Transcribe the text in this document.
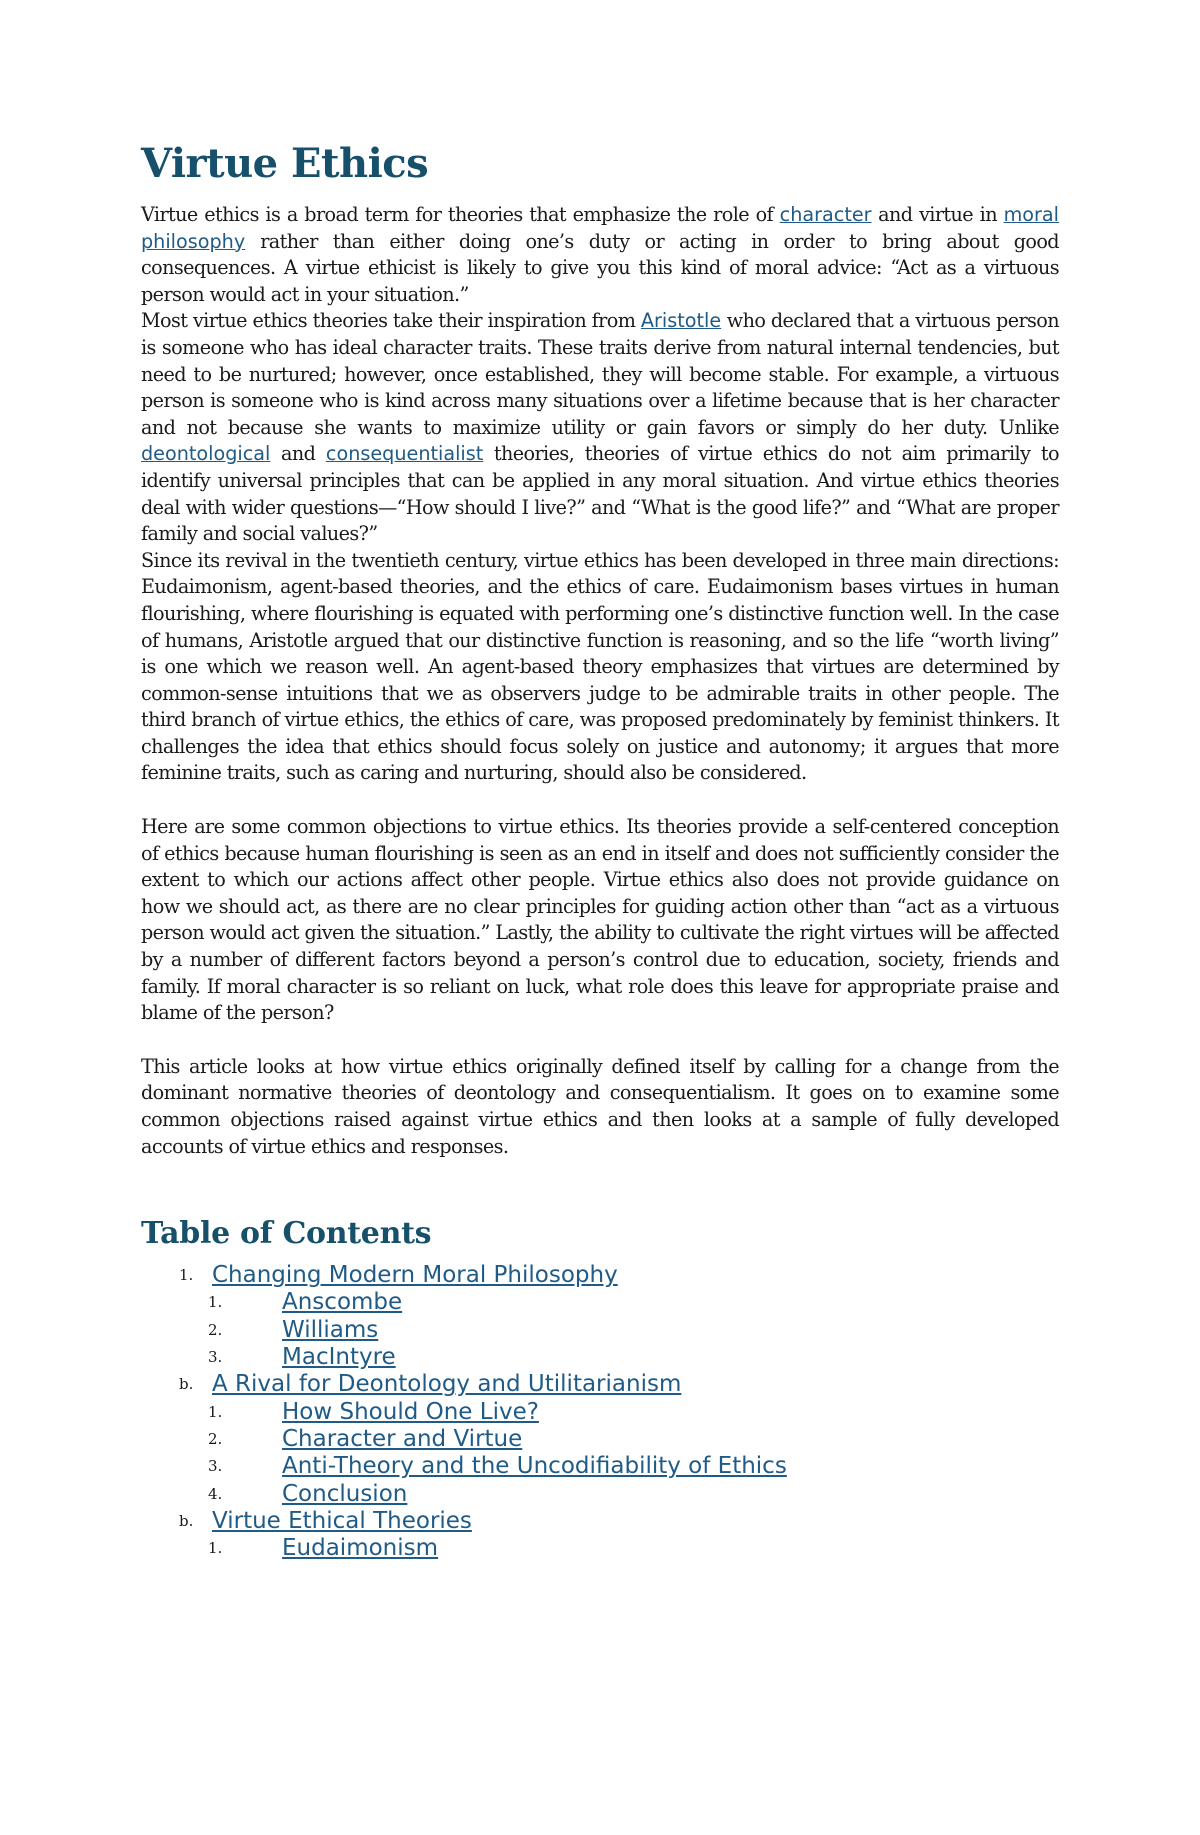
Virtue Ethics

Virtue ethics is a broad term for theories that emphasize the role of character and virtue in moral philosophy rather than either doing one’s duty or acting in order to bring about good consequences. A virtue ethicist is likely to give you this kind of moral advice: “Act as a virtuous person would act in your situation.”

Most virtue ethics theories take their inspiration from Aristotle who declared that a virtuous person is someone who has ideal character traits. These traits derive from natural internal tendencies, but need to be nurtured; however, once established, they will become stable. For example, a virtuous person is someone who is kind across many situations over a lifetime because that is her character and not because she wants to maximize utility or gain favors or simply do her duty. Unlike deontological and consequentialist theories, theories of virtue ethics do not aim primarily to identify universal principles that can be applied in any moral situation. And virtue ethics theories deal with wider questions—“How should I live?” and “What is the good life?” and “What are proper family and social values?”

Since its revival in the twentieth century, virtue ethics has been developed in three main directions: Eudaimonism, agent-based theories, and the ethics of care. Eudaimonism bases virtues in human flourishing, where flourishing is equated with performing one’s distinctive function well. In the case of humans, Aristotle argued that our distinctive function is reasoning, and so the life “worth living” is one which we reason well. An agent-based theory emphasizes that virtues are determined by common-sense intuitions that we as observers judge to be admirable traits in other people. The third branch of virtue ethics, the ethics of care, was proposed predominately by feminist thinkers. It challenges the idea that ethics should focus solely on justice and autonomy; it argues that more feminine traits, such as caring and nurturing, should also be considered.

Here are some common objections to virtue ethics. Its theories provide a self-centered conception of ethics because human flourishing is seen as an end in itself and does not sufficiently consider the extent to which our actions affect other people. Virtue ethics also does not provide guidance on how we should act, as there are no clear principles for guiding action other than “act as a virtuous person would act given the situation.” Lastly, the ability to cultivate the right virtues will be affected by a number of different factors beyond a person’s control due to education, society, friends and family. If moral character is so reliant on luck, what role does this leave for appropriate praise and blame of the person?

This article looks at how virtue ethics originally defined itself by calling for a change from the dominant normative theories of deontology and consequentialism. It goes on to examine some common objections raised against virtue ethics and then looks at a sample of fully developed accounts of virtue ethics and responses.

Table of Contents
1. Changing Modern Moral Philosophy
1.	Anscombe
2.	Williams
3.	MacIntyre
b. A Rival for Deontology and Utilitarianism
1.	How Should One Live?
2.	Character and Virtue
3.	Anti-Theory and the Uncodifiability of Ethics
4.	Conclusion
b. Virtue Ethical Theories
1.	Eudaimonism
